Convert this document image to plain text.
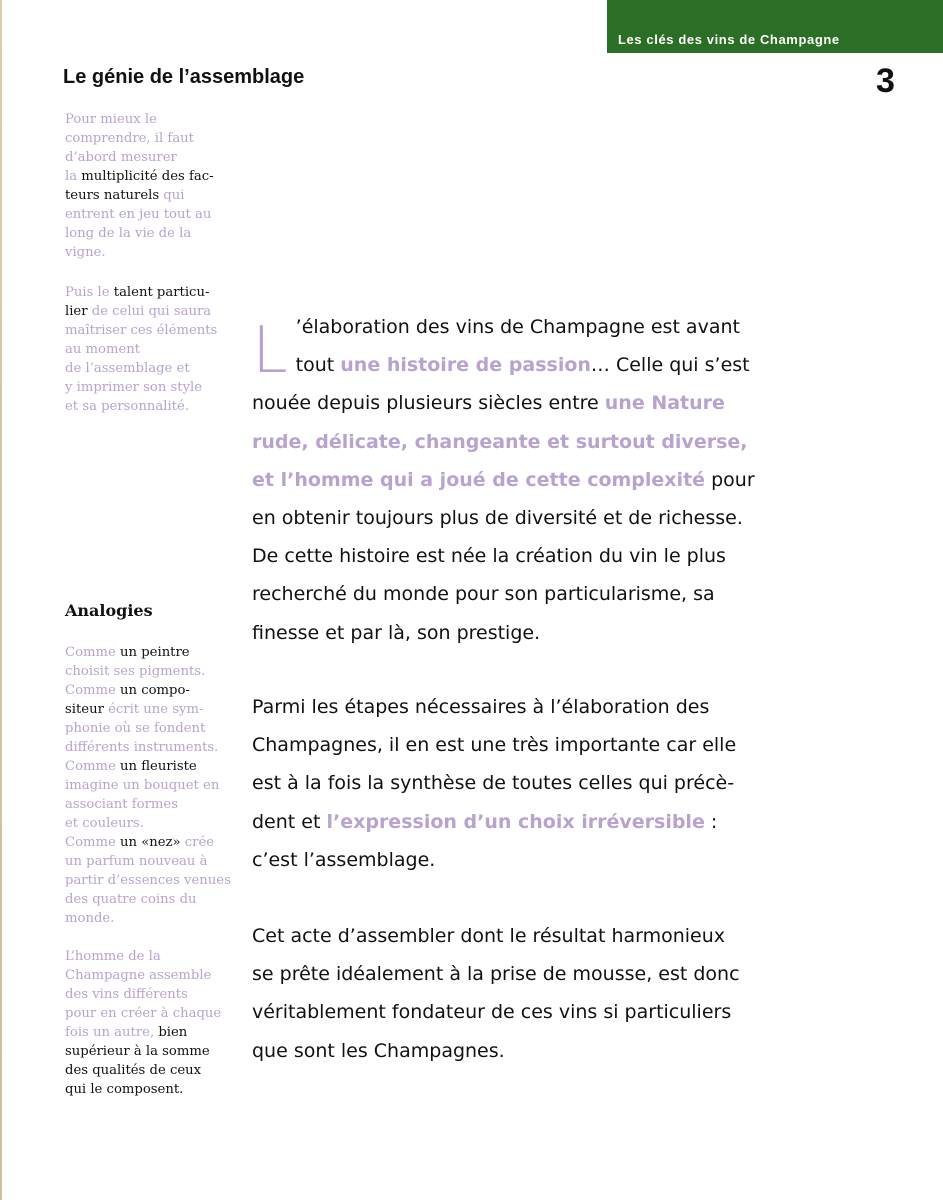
Les clés des vins de Champagne
Le génie de l’assemblage	3

Pour mieux le

comprendre, il faut

d’abord mesurer

la multiplicité des fac-

teurs naturels qui

entrent en jeu tout au

long de la vie de la

vigne.

Puis le talent particu-

lier de celui qui saura

maîtriser ces éléments

au moment

de l’assemblage et

y imprimer son style

et sa personnalité.

Analogies

Comme un peintre

choisit ses pigments.

Comme un compo-

siteur écrit une sym-

phonie où se fondent

différents instruments.

Comme un fleuriste

imagine un bouquet en

associant formes

et couleurs.

Comme un «nez» crée

un parfum nouveau à

partir d’essences venues

des quatre coins du

monde.

L’homme de la

Champagne assemble

des vins différents

pour en créer à chaque

fois un autre, bien

supérieur à la somme

des qualités de ceux

qui le composent.

L ’élaboration des vins de Champagne est avant
tout une histoire de passion… Celle qui s’est
nouée depuis plusieurs siècles entre une Nature
rude, délicate, changeante et surtout diverse,
et l’homme qui a joué de cette complexité pour
en obtenir toujours plus de diversité et de richesse.
De cette histoire est née la création du vin le plus
recherché du monde pour son particularisme, sa
finesse et par là, son prestige.
Parmi les étapes nécessaires à l’élaboration des
Champagnes, il en est une très importante car elle
est à la fois la synthèse de toutes celles qui précè-
dent et l’expression d’un choix irréversible :
c’est l’assemblage.
Cet acte d’assembler dont le résultat harmonieux
se prête idéalement à la prise de mousse, est donc
véritablement fondateur de ces vins si particuliers
que sont les Champagnes.
